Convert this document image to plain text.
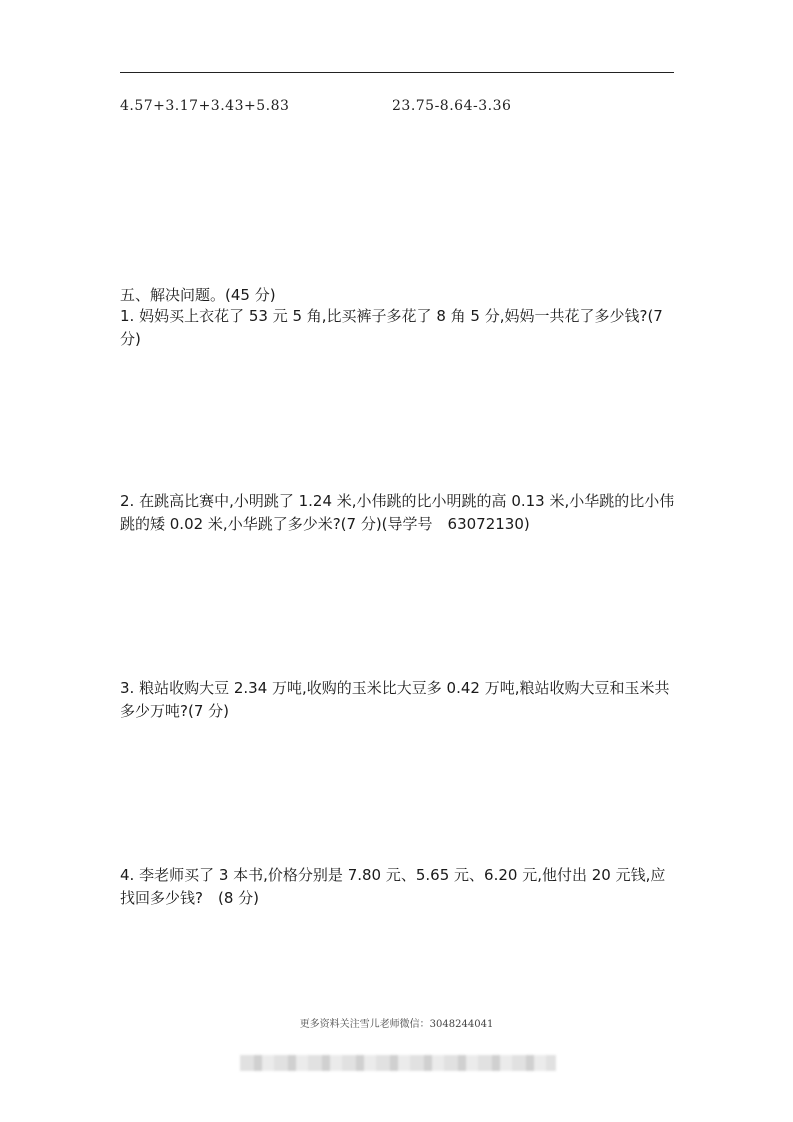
4.57+3.17+3.43+5.83	23.75-8.64-3.36
五、解决问题。(45 分)
1. 妈妈买上衣花了 53 元 5 角,比买裤子多花了 8 角 5 分,妈妈一共花了多少钱?(7 分)
2. 在跳高比赛中,小明跳了 1.24 米,小伟跳的比小明跳的高 0.13 米,小华跳的比小伟跳的矮 0.02 米,小华跳了多少米?(7 分)(导学号　63072130)
3. 粮站收购大豆 2.34 万吨,收购的玉米比大豆多 0.42 万吨,粮站收购大豆和玉米共多少万吨?(7 分)
4. 李老师买了 3 本书,价格分别是 7.80 元、5.65 元、6.20 元,他付出 20 元钱,应找回多少钱?　(8 分)
更多资料关注雪儿老师微信：3048244041
